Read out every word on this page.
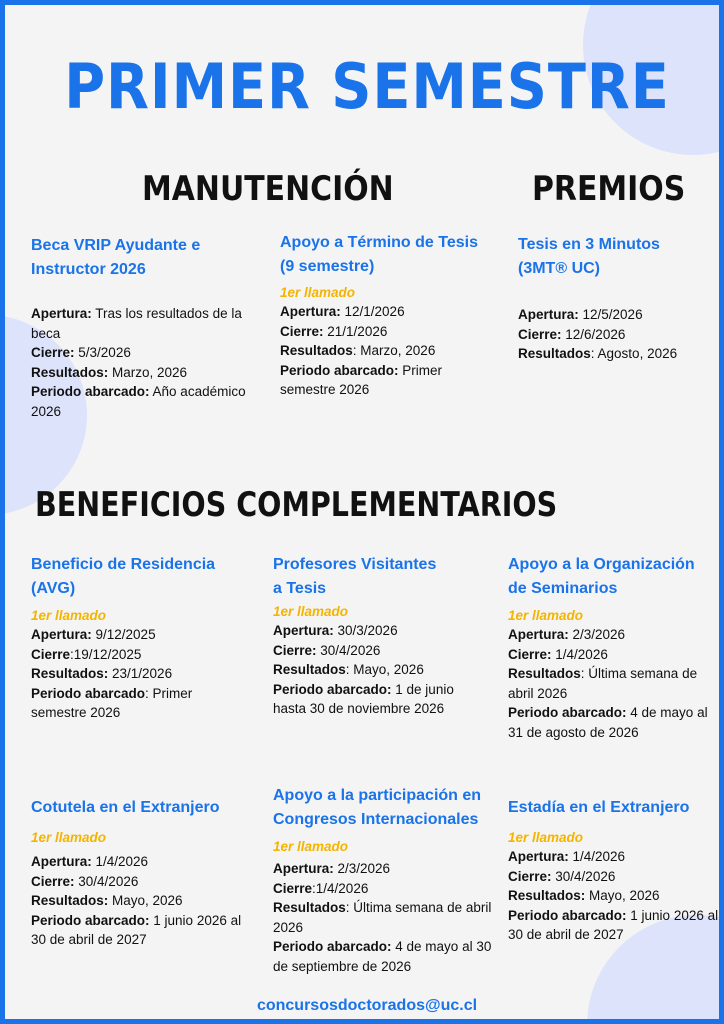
PRIMER SEMESTRE
MANUTENCIÓN	PREMIOS
Beca VRIP Ayudante e
Instructor 2026
Apertura: Tras los resultados de la beca
Cierre: 5/3/2026
Resultados: Marzo, 2026
Periodo abarcado: Año académico 2026
Apoyo a Término de Tesis
(9 semestre)
1er llamado
Apertura: 12/1/2026
Cierre: 21/1/2026
Resultados: Marzo, 2026
Periodo abarcado: Primer semestre 2026
Tesis en 3 Minutos
(3MT® UC)
Apertura: 12/5/2026
Cierre: 12/6/2026
Resultados: Agosto, 2026
BENEFICIOS COMPLEMENTARIOS
Beneficio de Residencia
(AVG)
1er llamado
Apertura: 9/12/2025
Cierre:19/12/2025
Resultados: 23/1/2026
Periodo abarcado: Primer semestre 2026
Profesores Visitantes
a Tesis
1er llamado
Apertura: 30/3/2026
Cierre: 30/4/2026
Resultados: Mayo, 2026
Periodo abarcado: 1 de junio hasta 30 de noviembre 2026
Apoyo a la Organización
de Seminarios
1er llamado
Apertura: 2/3/2026
Cierre: 1/4/2026
Resultados: Última semana de abril 2026
Periodo abarcado: 4 de mayo al 31 de agosto de 2026
Cotutela en el Extranjero
1er llamado
Apertura: 1/4/2026
Cierre: 30/4/2026
Resultados: Mayo, 2026
Periodo abarcado: 1 junio 2026 al 30 de abril de 2027
Apoyo a la participación en
Congresos Internacionales
1er llamado
Apertura: 2/3/2026
Cierre:1/4/2026
Resultados: Última semana de abril 2026
Periodo abarcado: 4 de mayo al 30 de septiembre de 2026
Estadía en el Extranjero
1er llamado
Apertura: 1/4/2026
Cierre: 30/4/2026
Resultados: Mayo, 2026
Periodo abarcado: 1 junio 2026 al 30 de abril de 2027
concursosdoctorados@uc.cl
